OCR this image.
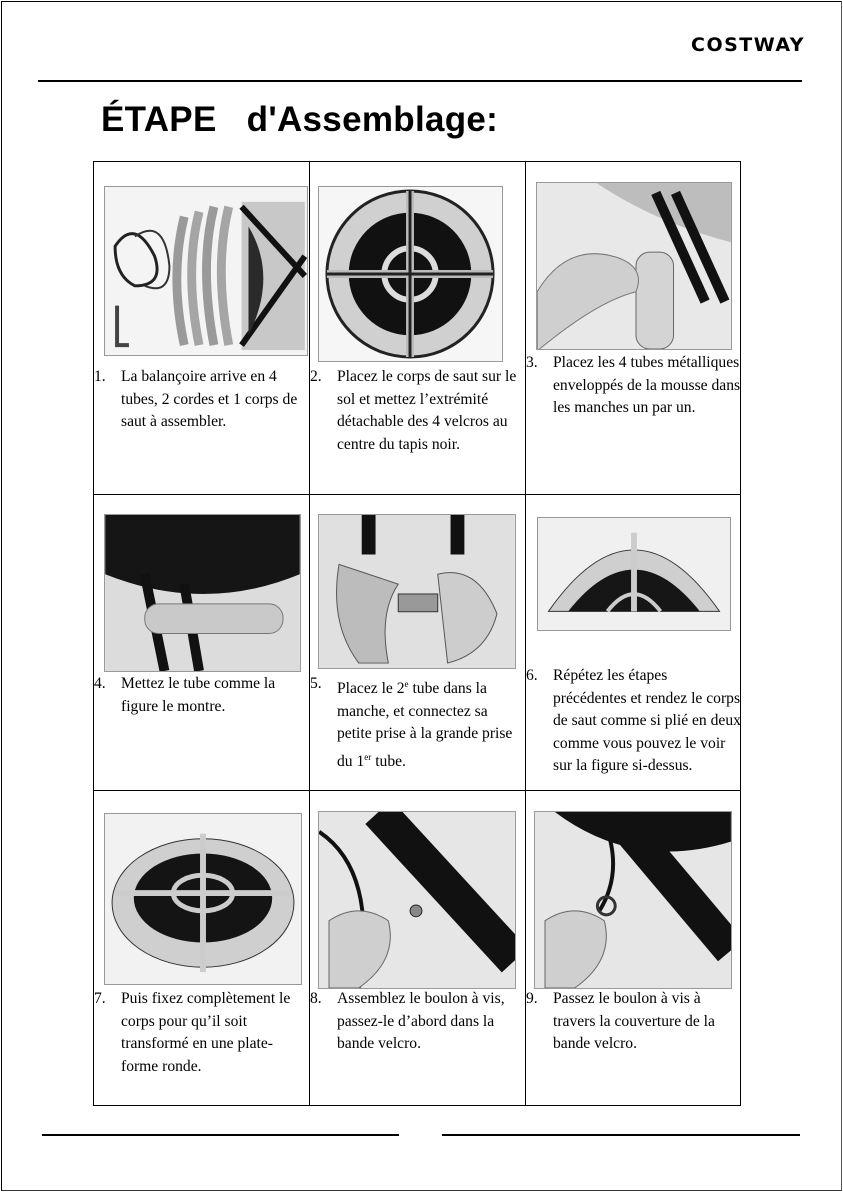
COSTWAY
ÉTAPE   d'Assemblage:
1. La balançoire arrive en 4 tubes, 2 cordes et 1 corps de saut à assembler.
2. Placez le corps de saut sur le sol et mettez l’extrémité détachable des 4 velcros au centre du tapis noir.
3. Placez les 4 tubes métalliques enveloppés de la mousse dans les manches un par un.
4. Mettez le tube comme la figure le montre.
5. Placez le 2e tube dans la manche, et connectez sa petite prise à la grande prise du 1er tube.
6. Répétez les étapes précédentes et rendez le corps de saut comme si plié en deux comme vous pouvez le voir sur la figure si-dessus.
7. Puis fixez complètement le corps pour qu’il soit transformé en une plate-forme ronde.
8. Assemblez le boulon à vis, passez-le d’abord dans la bande velcro.
9. Passez le boulon à vis à travers la couverture de la bande velcro.
